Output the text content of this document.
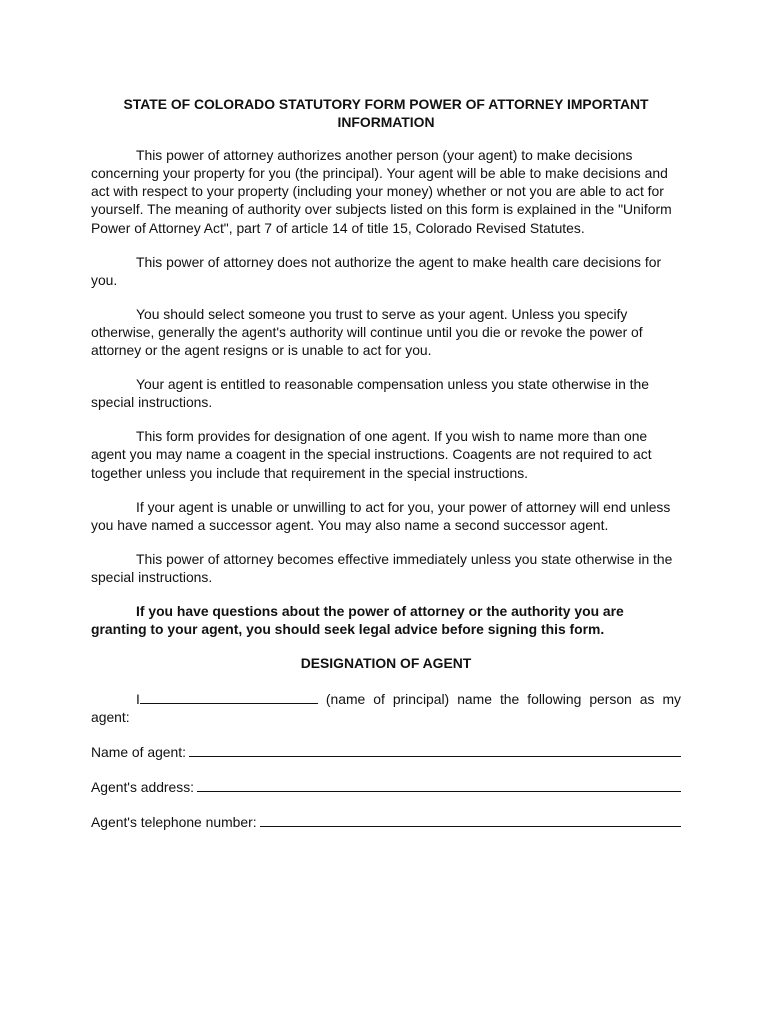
STATE OF COLORADO STATUTORY FORM POWER OF ATTORNEY IMPORTANT INFORMATION
This power of attorney authorizes another person (your agent) to make decisions concerning your property for you (the principal). Your agent will be able to make decisions and act with respect to your property (including your money) whether or not you are able to act for yourself. The meaning of authority over subjects listed on this form is explained in the "Uniform Power of Attorney Act", part 7 of article 14 of title 15, Colorado Revised Statutes.
This power of attorney does not authorize the agent to make health care decisions for you.
You should select someone you trust to serve as your agent. Unless you specify otherwise, generally the agent's authority will continue until you die or revoke the power of attorney or the agent resigns or is unable to act for you.
Your agent is entitled to reasonable compensation unless you state otherwise in the special instructions.
This form provides for designation of one agent. If you wish to name more than one agent you may name a coagent in the special instructions. Coagents are not required to act together unless you include that requirement in the special instructions.
If your agent is unable or unwilling to act for you, your power of attorney will end unless you have named a successor agent. You may also name a second successor agent.
This power of attorney becomes effective immediately unless you state otherwise in the special instructions.
If you have questions about the power of attorney or the authority you are granting to your agent, you should seek legal advice before signing this form.
DESIGNATION OF AGENT
I	(name of principal) name the following person as my agent:
Name of agent:
Agent's address:
Agent's telephone number:
